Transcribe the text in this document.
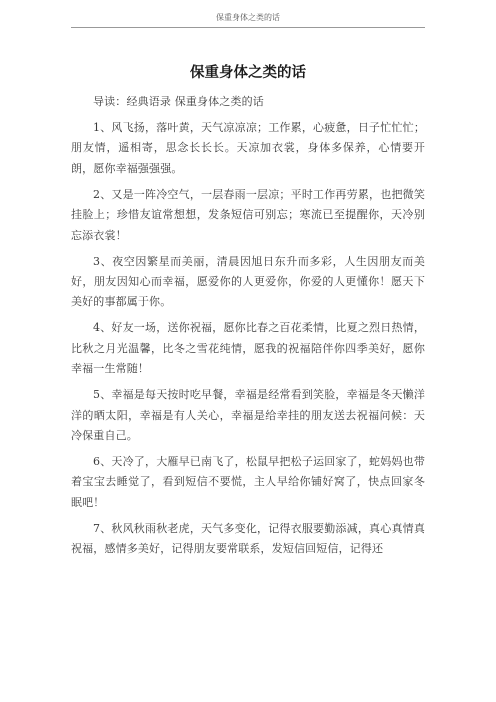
保重身体之类的话
保重身体之类的话

导读：经典语录 保重身体之类的话

1、风飞扬，落叶黄，天气凉凉凉；工作累，心疲惫，日子忙忙忙；朋友情，遥相寄，思念长长长。天凉加衣裳，身体多保养，心情要开朗，愿你幸福强强强。

2、又是一阵冷空气，一层春雨一层凉；平时工作再劳累，也把微笑挂脸上；珍惜友谊常想想，发条短信可别忘；寒流已至提醒你，天冷别忘添衣裳！

3、夜空因繁星而美丽，清晨因旭日东升而多彩，人生因朋友而美好，朋友因知心而幸福，愿爱你的人更爱你，你爱的人更懂你！愿天下美好的事都属于你。

4、好友一场，送你祝福，愿你比春之百花柔情，比夏之烈日热情，比秋之月光温馨，比冬之雪花纯情，愿我的祝福陪伴你四季美好，愿你幸福一生常随！

5、幸福是每天按时吃早餐，幸福是经常看到笑脸，幸福是冬天懒洋洋的晒太阳，幸福是有人关心，幸福是给幸挂的朋友送去祝福问候：天冷保重自己。

6、天冷了，大雁早已南飞了，松鼠早把松子运回家了，蛇妈妈也带着宝宝去睡觉了，看到短信不要慌，主人早给你铺好窝了，快点回家冬眠吧！

7、秋风秋雨秋老虎，天气多变化，记得衣服要勤添减，真心真情真祝福，感情多美好，记得朋友要常联系，发短信回短信，记得还
